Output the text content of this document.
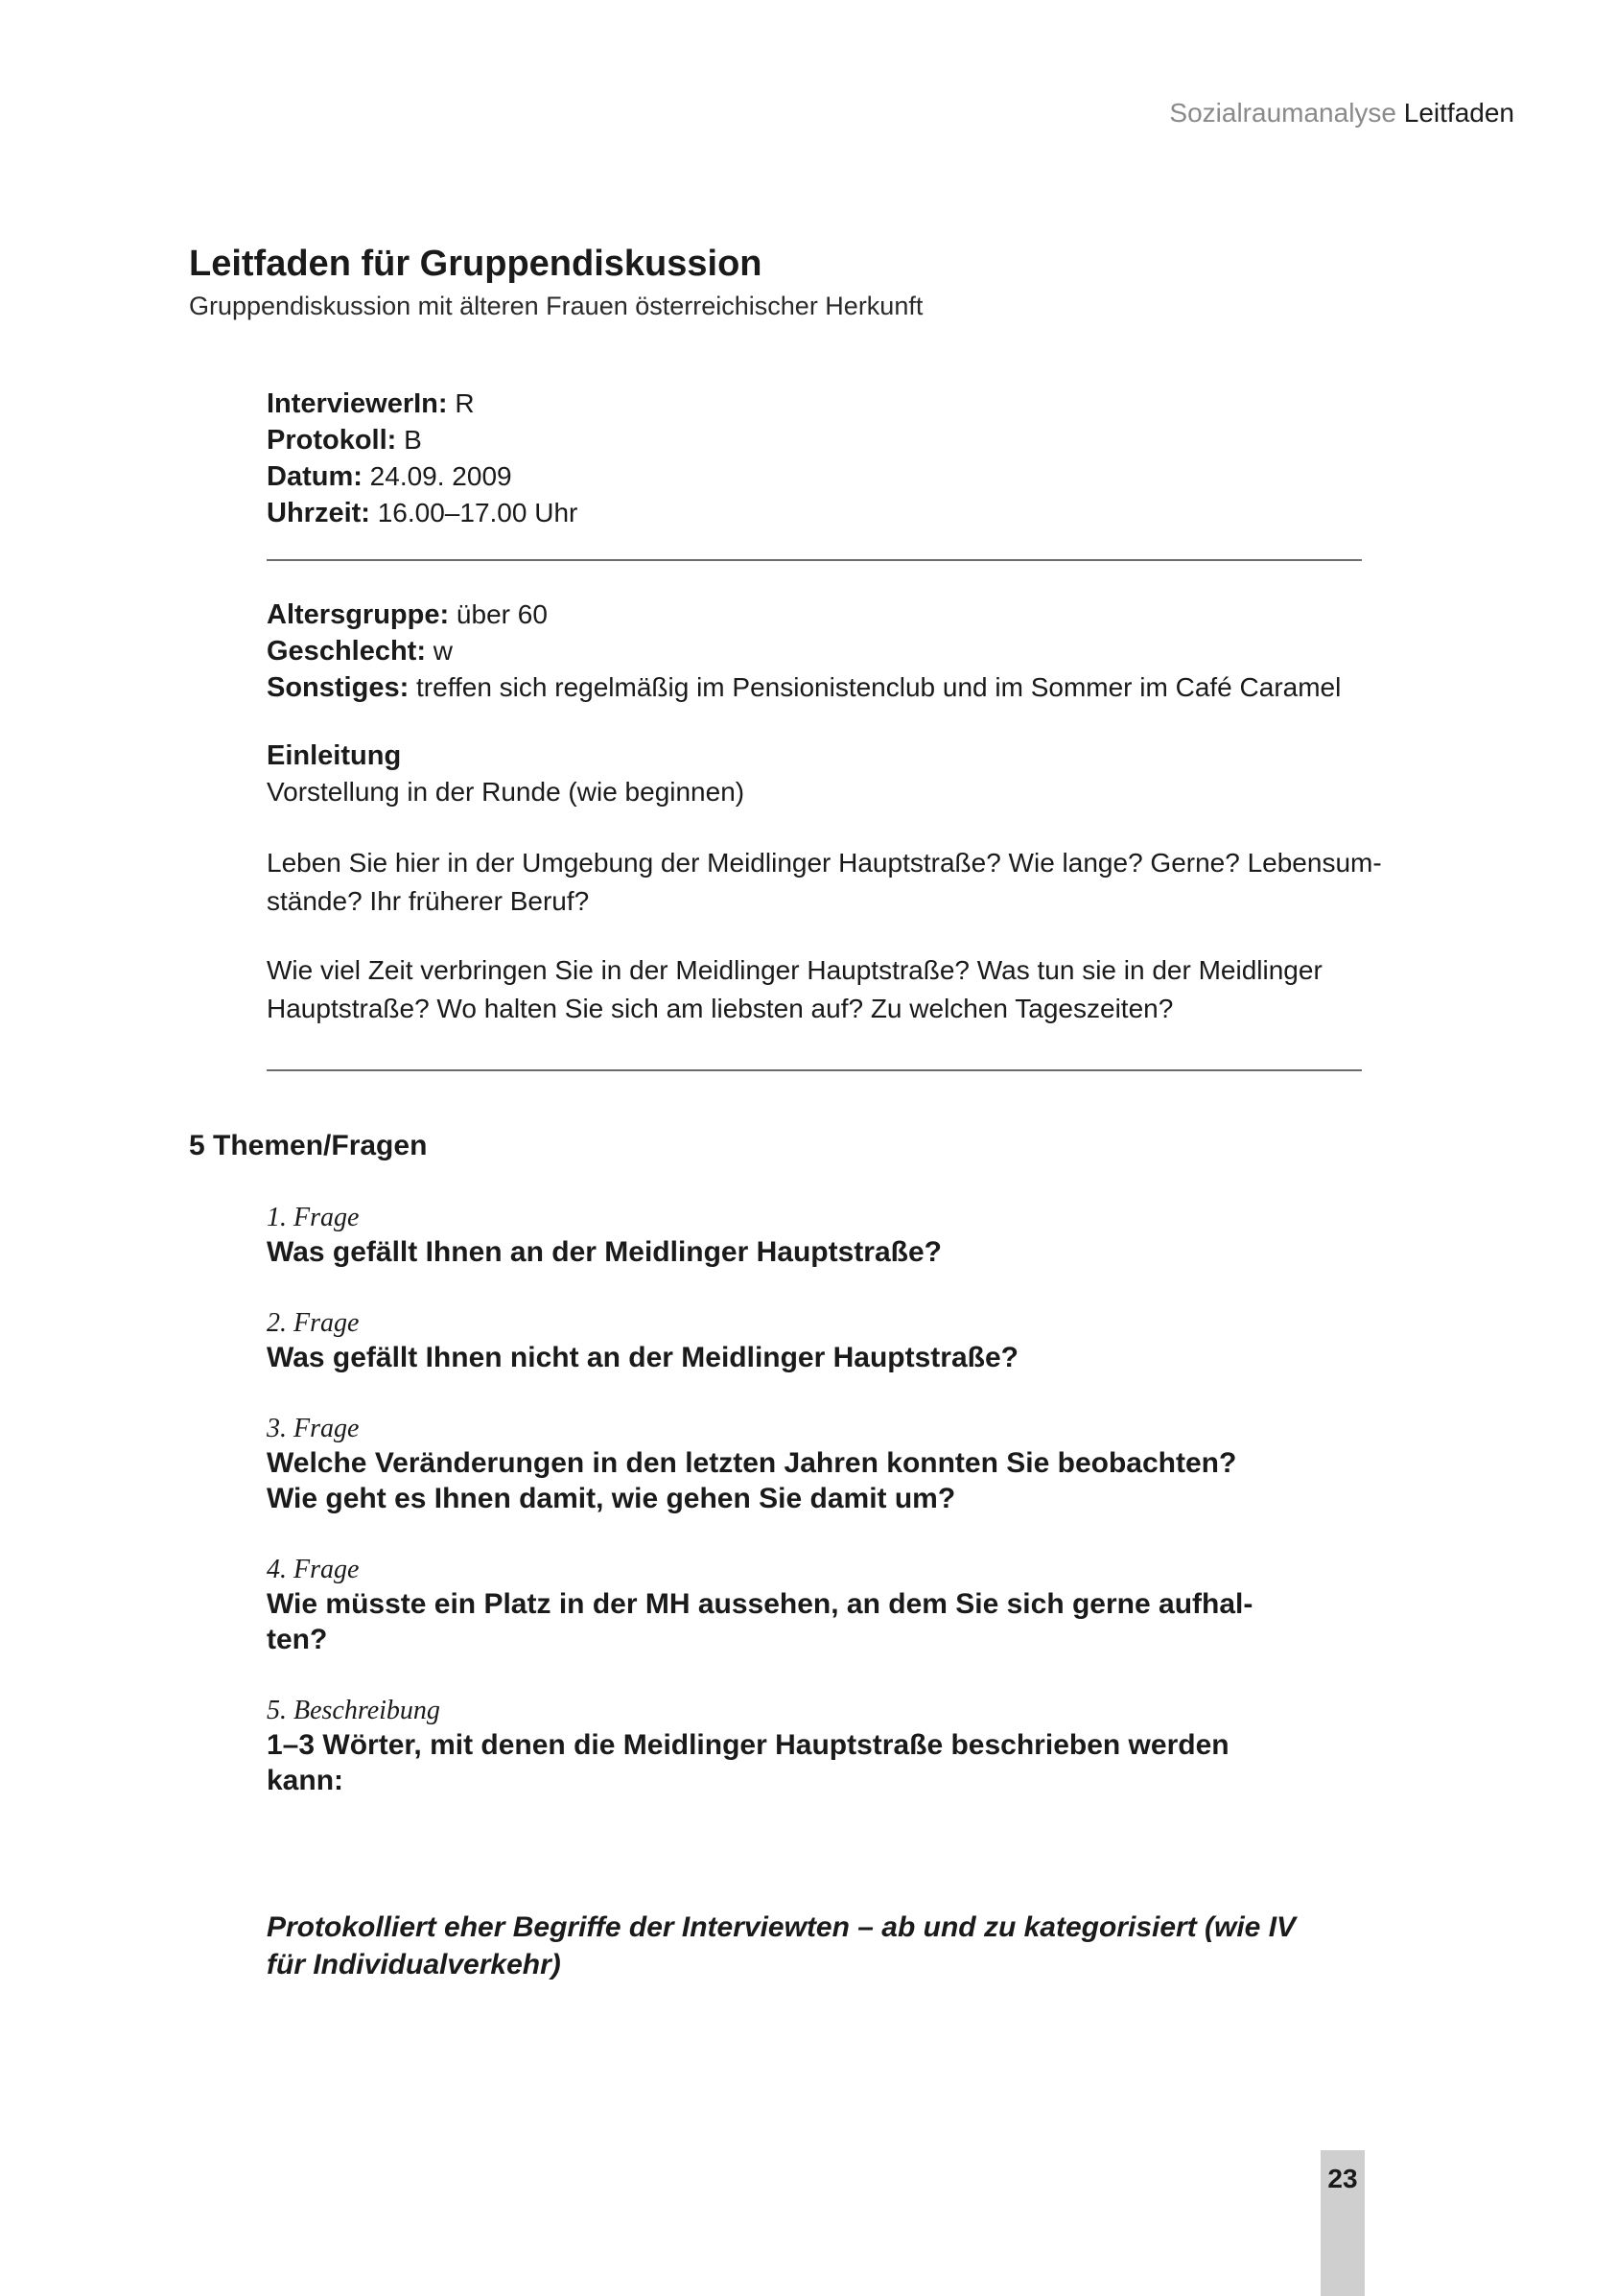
Sozialraumanalyse Leitfaden
Leitfaden für Gruppendiskussion
Gruppendiskussion mit älteren Frauen österreichischer Herkunft
InterviewerIn: R
Protokoll: B
Datum: 24.09. 2009
Uhrzeit: 16.00–17.00 Uhr
Altersgruppe: über 60
Geschlecht: w
Sonstiges: treffen sich regelmäßig im Pensionistenclub und im Sommer im Café Caramel
Einleitung
Vorstellung in der Runde (wie beginnen)
Leben Sie hier in der Umgebung der Meidlinger Hauptstraße? Wie lange? Gerne? Lebensum-
stände? Ihr früherer Beruf?
Wie viel Zeit verbringen Sie in der Meidlinger Hauptstraße? Was tun sie in der Meidlinger
Hauptstraße? Wo halten Sie sich am liebsten auf? Zu welchen Tageszeiten?
5 Themen/Fragen
1. Frage
Was gefällt Ihnen an der Meidlinger Hauptstraße?
2. Frage
Was gefällt Ihnen nicht an der Meidlinger Hauptstraße?
3. Frage
Welche Veränderungen in den letzten Jahren konnten Sie beobachten?
Wie geht es Ihnen damit, wie gehen Sie damit um?
4. Frage
Wie müsste ein Platz in der MH aussehen, an dem Sie sich gerne aufhal-
ten?
5. Beschreibung
1–3 Wörter, mit denen die Meidlinger Hauptstraße beschrieben werden
kann:
Protokolliert eher Begriffe der Interviewten – ab und zu kategorisiert (wie IV
für Individualverkehr)
23
